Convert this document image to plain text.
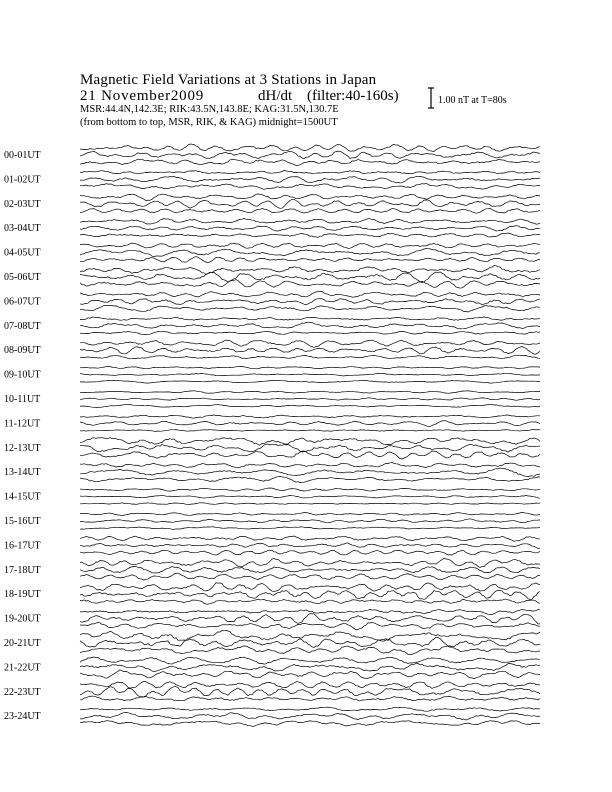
Magnetic Field Variations at 3 Stations in Japan
21 November2009	dH/dt (filter:40-160s)
MSR:44.4N,142.3E; RIK:43.5N,143.8E; KAG:31.5N,130.7E
(from bottom to top, MSR, RIK, & KAG) midnight=1500UT
1.00 nT at T=80s
00-01UT
01-02UT
02-03UT
03-04UT
04-05UT
05-06UT
06-07UT
07-08UT
08-09UT
09-10UT
10-11UT
11-12UT
12-13UT
13-14UT
14-15UT
15-16UT
16-17UT
17-18UT
18-19UT
19-20UT
20-21UT
21-22UT
22-23UT
23-24UT
